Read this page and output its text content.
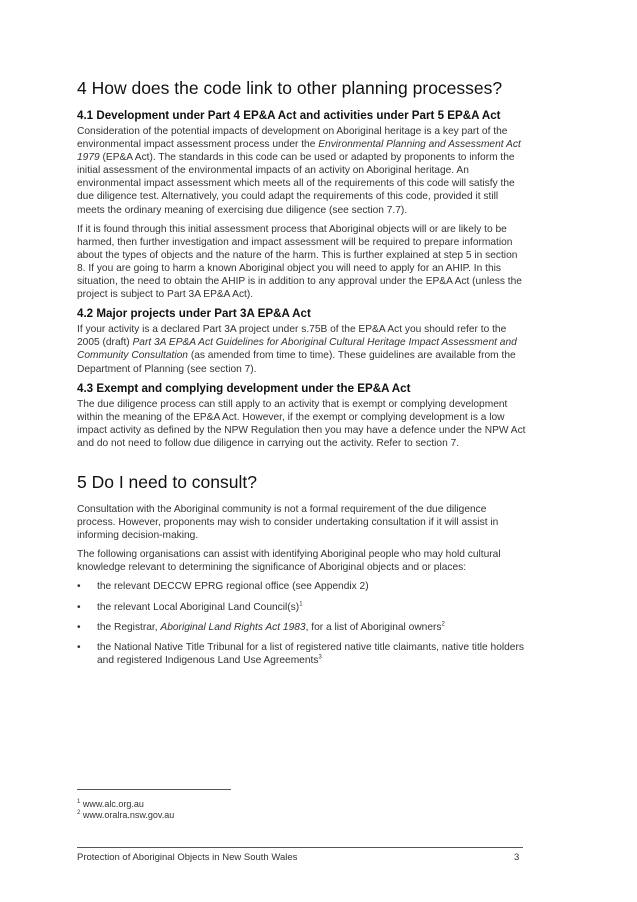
4 How does the code link to other planning processes?
4.1 Development under Part 4 EP&A Act and activities under Part 5 EP&A Act

Consideration of the potential impacts of development on Aboriginal heritage is a key part of the environmental impact assessment process under the Environmental Planning and Assessment Act 1979 (EP&A Act). The standards in this code can be used or adapted by proponents to inform the initial assessment of the environmental impacts of an activity on Aboriginal heritage. An environmental impact assessment which meets all of the requirements of this code will satisfy the due diligence test. Alternatively, you could adapt the requirements of this code, provided it still meets the ordinary meaning of exercising due diligence (see section 7.7).

If it is found through this initial assessment process that Aboriginal objects will or are likely to be harmed, then further investigation and impact assessment will be required to prepare information about the types of objects and the nature of the harm. This is further explained at step 5 in section 8. If you are going to harm a known Aboriginal object you will need to apply for an AHIP. In this situation, the need to obtain the AHIP is in addition to any approval under the EP&A Act (unless the project is subject to Part 3A EP&A Act).

4.2 Major projects under Part 3A EP&A Act

If your activity is a declared Part 3A project under s.75B of the EP&A Act you should refer to the 2005 (draft) Part 3A EP&A Act Guidelines for Aboriginal Cultural Heritage Impact Assessment and Community Consultation (as amended from time to time). These guidelines are available from the Department of Planning (see section 7).

4.3 Exempt and complying development under the EP&A Act

The due diligence process can still apply to an activity that is exempt or complying development within the meaning of the EP&A Act. However, if the exempt or complying development is a low impact activity as defined by the NPW Regulation then you may have a defence under the NPW Act and do not need to follow due diligence in carrying out the activity. Refer to section 7.

5 Do I need to consult?

Consultation with the Aboriginal community is not a formal requirement of the due diligence process. However, proponents may wish to consider undertaking consultation if it will assist in informing decision-making.

The following organisations can assist with identifying Aboriginal people who may hold cultural knowledge relevant to determining the significance of Aboriginal objects and or places:

• the relevant DECCW EPRG regional office (see Appendix 2)
• the relevant Local Aboriginal Land $Council(s)^1$
• the Registrar, Aboriginal Land Rights Act 1983, for a list of Aboriginal owners$^2$
• the National Native Title Tribunal for a list of registered native title claimants, native title holders and registered Indigenous Land Use Agreements$^3$
$^1$ www.alc.org.au
$^2$ www.oralra.nsw.gov.au
Protection of Aboriginal Objects in New South Wales	3
